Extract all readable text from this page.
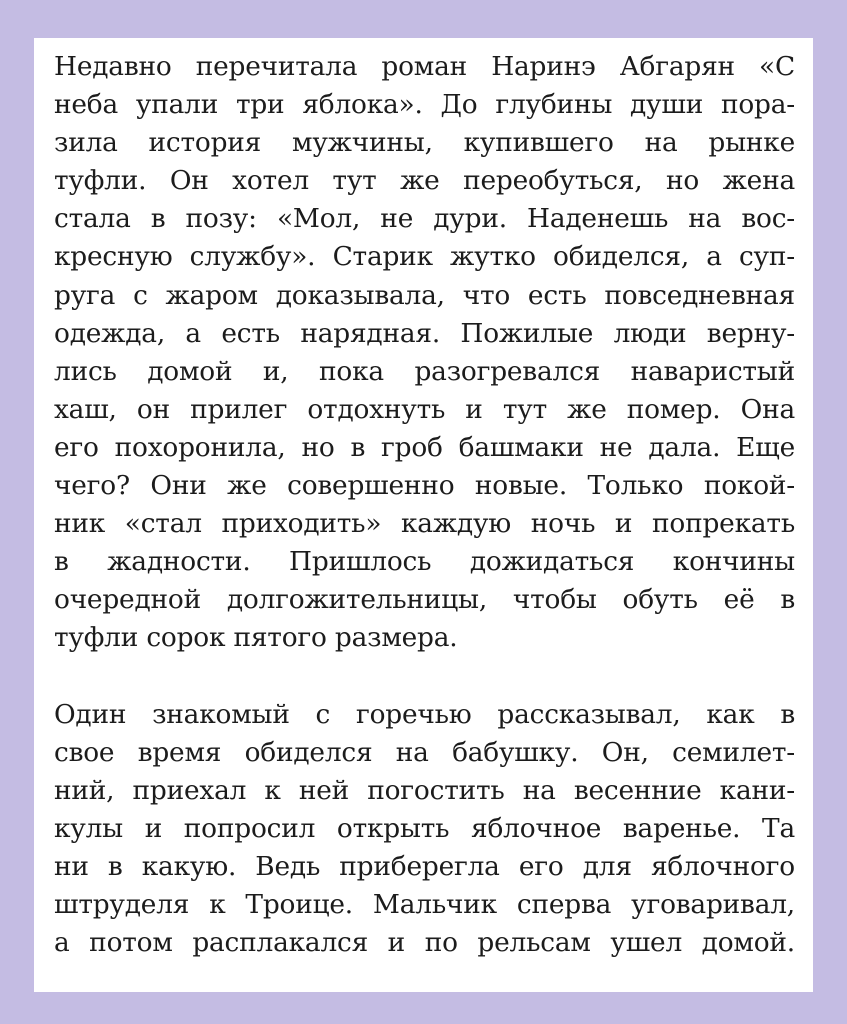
Недавно перечитала роман Наринэ Абгарян «С
неба упали три яблока». До глубины души пора-
зила история мужчины, купившего на рынке
туфли. Он хотел тут же переобуться, но жена
стала в позу: «Мол, не дури. Наденешь на вос-
кресную службу». Старик жутко обиделся, а суп-
руга с жаром доказывала, что есть повседневная
одежда, а есть нарядная. Пожилые люди верну-
лись домой и, пока разогревался наваристый
хаш, он прилег отдохнуть и тут же помер. Она
его похоронила, но в гроб башмаки не дала. Еще
чего? Они же совершенно новые. Только покой-
ник «стал приходить» каждую ночь и попрекать
в жадности. Пришлось дожидаться кончины
очередной долгожительницы, чтобы обуть её в
туфли сорок пятого размера.
Один знакомый с горечью рассказывал, как в
свое время обиделся на бабушку. Он, семилет-
ний, приехал к ней погостить на весенние кани-
кулы и попросил открыть яблочное варенье. Та
ни в какую. Ведь приберегла его для яблочного
штруделя к Троице. Мальчик сперва уговаривал,
а потом расплакался и по рельсам ушел домой.
